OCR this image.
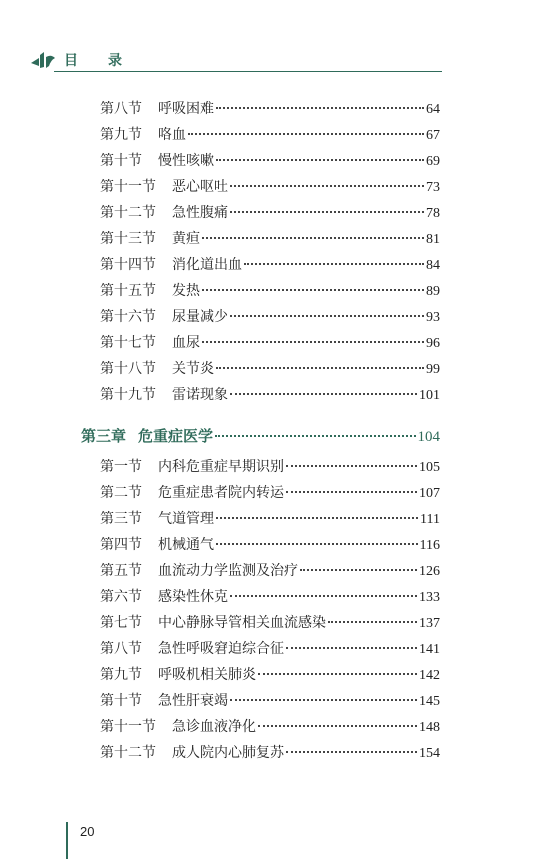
目录
第八节 呼吸困难	64
第九节 咯血	67
第十节 慢性咳嗽	69
第十一节 恶心呕吐	73
第十二节 急性腹痛	78
第十三节 黄疸	81
第十四节 消化道出血	84
第十五节 发热	89
第十六节 尿量减少	93
第十七节 血尿	96
第十八节 关节炎	99
第十九节 雷诺现象	101
第三章 危重症医学	104
第一节 内科危重症早期识别	105
第二节 危重症患者院内转运	107
第三节 气道管理	111
第四节 机械通气	116
第五节 血流动力学监测及治疗	126
第六节 感染性休克	133
第七节 中心静脉导管相关血流感染	137
第八节 急性呼吸窘迫综合征	141
第九节 呼吸机相关肺炎	142
第十节 急性肝衰竭	145
第十一节 急诊血液净化	148
第十二节 成人院内心肺复苏	154
20
